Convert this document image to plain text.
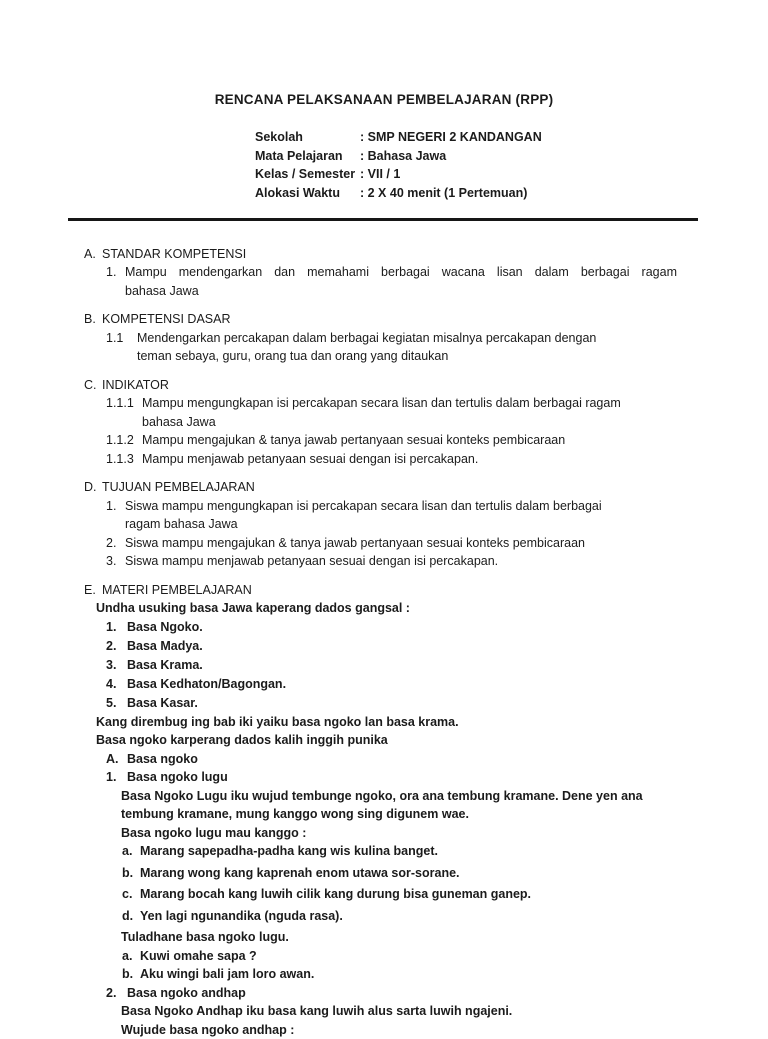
RENCANA PELAKSANAAN PEMBELAJARAN (RPP)
Sekolah	: SMP NEGERI 2 KANDANGAN
Mata Pelajaran	: Bahasa Jawa
Kelas / Semester : VII / 1
Alokasi Waktu	: 2 X 40 menit (1 Pertemuan)
A. STANDAR KOMPETENSI
1. Mampu mendengarkan dan memahami berbagai wacana lisan dalam berbagai ragam
bahasa Jawa
B. KOMPETENSI DASAR
1.1	Mendengarkan percakapan dalam berbagai kegiatan misalnya percakapan dengan
teman sebaya, guru, orang tua dan orang yang ditaukan
C. INDIKATOR
1.1.1 Mampu mengungkapan isi percakapan secara lisan dan tertulis dalam berbagai ragam
bahasa Jawa
1.1.2 Mampu mengajukan & tanya jawab pertanyaan sesuai konteks pembicaraan
1.1.3 Mampu menjawab petanyaan sesuai dengan isi percakapan.
D. TUJUAN PEMBELAJARAN
1. Siswa mampu mengungkapan isi percakapan secara lisan dan tertulis dalam berbagai
ragam bahasa Jawa
2. Siswa mampu mengajukan & tanya jawab pertanyaan sesuai konteks pembicaraan
3. Siswa mampu menjawab petanyaan sesuai dengan isi percakapan.
E. MATERI PEMBELAJARAN
Undha usuking basa Jawa kaperang dados gangsal :
1. Basa Ngoko.
2. Basa Madya.
3. Basa Krama.
4. Basa Kedhaton/Bagongan.
5. Basa Kasar.
Kang dirembug ing bab iki yaiku basa ngoko lan basa krama.
Basa ngoko karperang dados kalih inggih punika
A. Basa ngoko
1. Basa ngoko lugu
Basa Ngoko Lugu iku wujud tembunge ngoko, ora ana tembung kramane. Dene yen ana
tembung kramane, mung kanggo wong sing digunem wae.
Basa ngoko lugu mau kanggo :
a. Marang sapepadha-padha kang wis kulina banget.
b. Marang wong kang kaprenah enom utawa sor-sorane.
c. Marang bocah kang luwih cilik kang durung bisa guneman ganep.
d. Yen lagi ngunandika (nguda rasa).
Tuladhane basa ngoko lugu.
a. Kuwi omahe sapa ?
b. Aku wingi bali jam loro awan.
2. Basa ngoko andhap
Basa Ngoko Andhap iku basa kang luwih alus sarta luwih ngajeni.
Wujude basa ngoko andhap :
